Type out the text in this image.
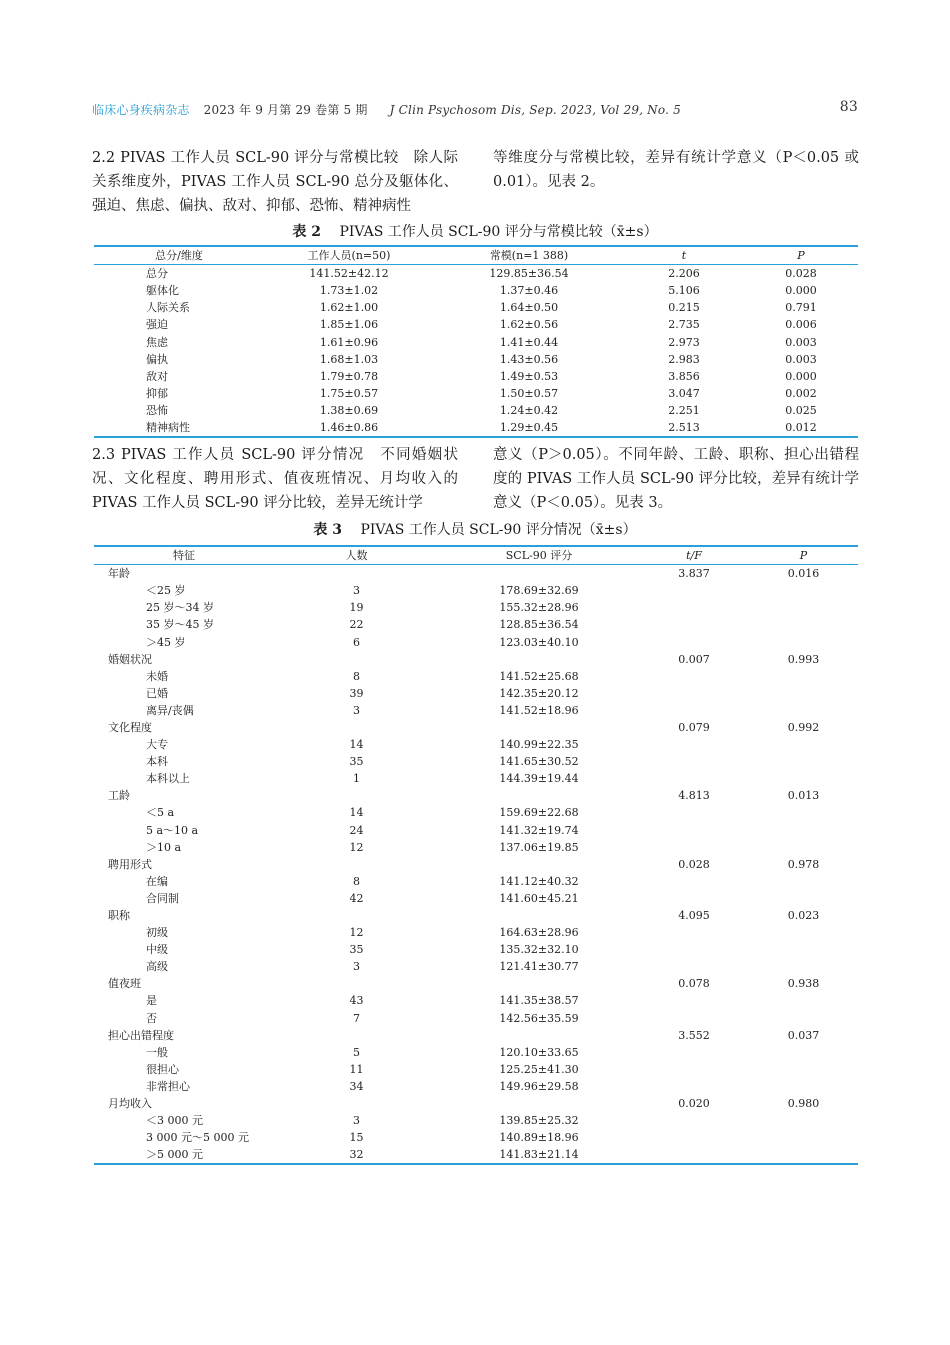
临床心身疾病杂志 2023 年 9 月第 29 卷第 5 期 J Clin Psychosom Dis, Sep. 2023, Vol 29, No. 5	83
2.2 PIVAS 工作人员 SCL-90 评分与常模比较　除人际关系维度外，PIVAS 工作人员 SCL-90 总分及躯体化、强迫、焦虑、偏执、敌对、抑郁、恐怖、精神病性
等维度分与常模比较，差异有统计学意义（P＜0.05 或 0.01）。见表 2。
表 2 PIVAS 工作人员 SCL-90 评分与常模比较（x̄±s）
总分/维度	工作人员(n=50)	常模(n=1 388)	t	P
总分	141.52±42.12	129.85±36.54	2.206	0.028
躯体化	1.73±1.02	1.37±0.46	5.106	0.000
人际关系	1.62±1.00	1.64±0.50	0.215	0.791
强迫	1.85±1.06	1.62±0.56	2.735	0.006
焦虑	1.61±0.96	1.41±0.44	2.973	0.003
偏执	1.68±1.03	1.43±0.56	2.983	0.003
敌对	1.79±0.78	1.49±0.53	3.856	0.000
抑郁	1.75±0.57	1.50±0.57	3.047	0.002
恐怖	1.38±0.69	1.24±0.42	2.251	0.025
精神病性	1.46±0.86	1.29±0.45	2.513	0.012
2.3 PIVAS 工作人员 SCL-90 评分情况　不同婚姻状况、文化程度、聘用形式、值夜班情况、月均收入的 PIVAS 工作人员 SCL-90 评分比较，差异无统计学
意义（P＞0.05）。不同年龄、工龄、职称、担心出错程度的 PIVAS 工作人员 SCL-90 评分比较，差异有统计学意义（P＜0.05）。见表 3。
表 3 PIVAS 工作人员 SCL-90 评分情况（x̄±s）
特征	人数	SCL-90 评分	t/F	P
年龄			3.837	0.016
＜25 岁	3	178.69±32.69		
25 岁～34 岁	19	155.32±28.96		
35 岁～45 岁	22	128.85±36.54		
＞45 岁	6	123.03±40.10		
婚姻状况			0.007	0.993
未婚	8	141.52±25.68		
已婚	39	142.35±20.12		
离异/丧偶	3	141.52±18.96		
文化程度			0.079	0.992
大专	14	140.99±22.35		
本科	35	141.65±30.52		
本科以上	1	144.39±19.44		
工龄			4.813	0.013
＜5 a	14	159.69±22.68		
5 a～10 a	24	141.32±19.74		
＞10 a	12	137.06±19.85		
聘用形式			0.028	0.978
在编	8	141.12±40.32		
合同制	42	141.60±45.21		
职称			4.095	0.023
初级	12	164.63±28.96		
中级	35	135.32±32.10		
高级	3	121.41±30.77		
值夜班			0.078	0.938
是	43	141.35±38.57		
否	7	142.56±35.59		
担心出错程度			3.552	0.037
一般	5	120.10±33.65		
很担心	11	125.25±41.30		
非常担心	34	149.96±29.58		
月均收入			0.020	0.980
＜3 000 元	3	139.85±25.32		
3 000 元～5 000 元	15	140.89±18.96		
＞5 000 元	32	141.83±21.14		
